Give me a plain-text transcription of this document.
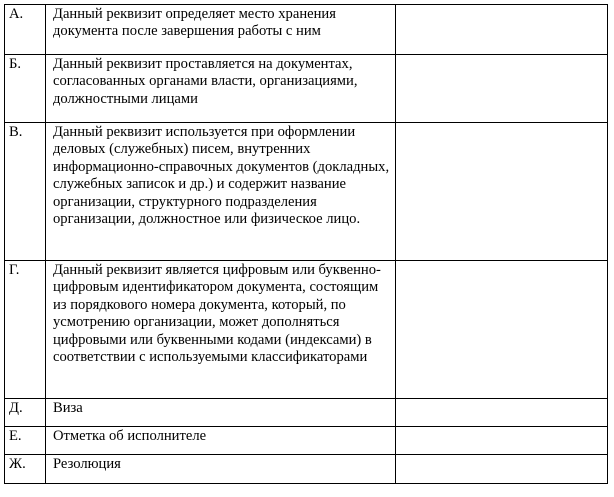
А.	Данный реквизит определяет место хранения документа после завершения работы с ним	
Б.	Данный реквизит проставляется на документах, согласованных органами власти, организациями, должностными лицами	
В.	Данный реквизит используется при оформлении деловых (служебных) писем, внутренних информационно-справочных документов (докладных, служебных записок и др.) и содержит название организации, структурного подразделения организации, должностное или физическое лицо.	
Г.	Данный реквизит является цифровым или буквенно-цифровым идентификатором документа, состоящим из порядкового номера документа, который, по усмотрению организации, может дополняться цифровыми или буквенными кодами (индексами) в соответствии с используемыми классификаторами	
Д.	Виза	
Е.	Отметка об исполнителе	
Ж.	Резолюция	
